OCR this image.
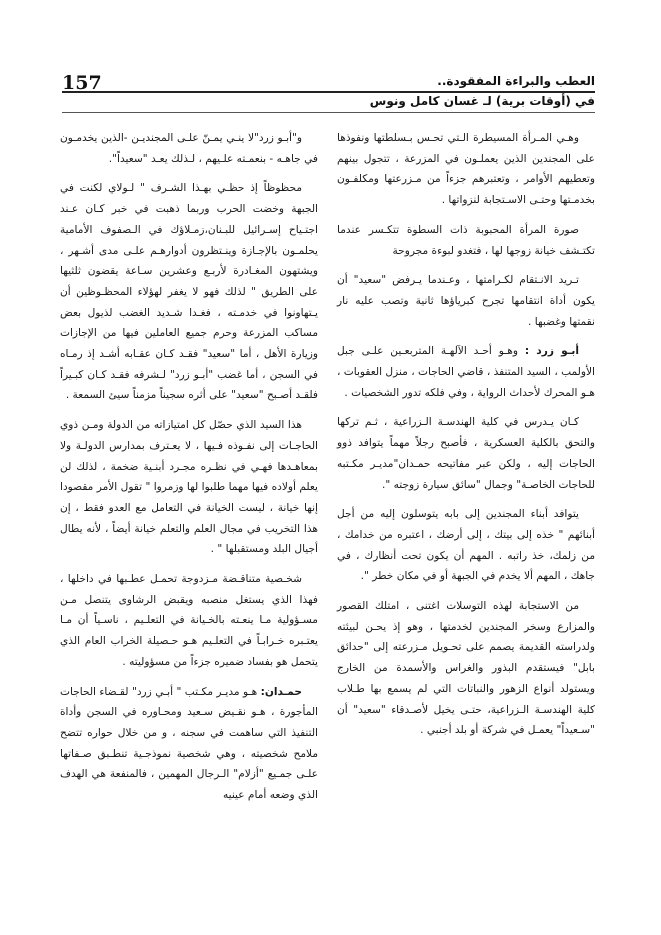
157	العطب والبراءة المفقودة..
في (أوقات برية) لـ غسان كامل ونوس

وهـي المـرأة المسيطرة الـتي تحـس بـسلطتها ونفوذها على المجندين الذين يعملـون في المزرعة ، تتجول بينهم وتعطيهم الأوامر ، وتعتبرهم جزءاً من مـزرعتها ومكلفـون بخدمـتها وحتـى الاسـتجابة لنزواتها .

صورة المرأة المحبوبة ذات السطوة تتكـسر عندما تكتـشف خيانة زوجها لها ، فتغدو لبوءة مجروحة

تـريد الانـتقام لكـرامتها ، وعـندما يـرفض "سعيد" أن يكون أداة انتقامها تجرح كبرياؤها ثانية وتصب عليه نار نقمتها وغضبها .

أبـو زرد : وهـو أحـد الآلهـة المتربعـين علـى جبل الأولمب ، السيد المتنفذ ، قاضي الحاجات ، منزل العقوبات ، هـو المحرك لأحداث الرواية ، وفي فلكه تدور الشخصيات .

كـان يـدرس في كلية الهندسـة الـزراعية ، ثـم تركها والتحق بالكلية العسكرية ، فأصبح رجلاً مهماً يتوافد ذوو الحاجات إليه ، ولكن عبر مفاتيحه حمـدان"مديـر مكـتبه للحاجات الخاصـة" وجمال "سائق سيارة زوجته ".

يتوافد أبناء المجندين إلى بابه يتوسلون إليه من أجل أبنائهم " خذه إلى بيتك ، إلى أرضك ، اعتبره من خدامك ، من زلمك، خذ راتبه . المهم أن يكون تحت أنظارك ، في جاهك ، المهم ألا يخدم في الجبهة أو في مكان خطر ".

من الاستجابة لهذه التوسلات اغتنى ، امتلك القصور والمزارع وسخر المجندين لخدمتها ، وهو إذ يحـن لبيئته ولدراسته القديمة يصمم على تحـويل مـزرعته إلى "حدائق بابل" فيستقدم البذور والغراس والأسمدة من الخارج ويستولد أنواع الزهور والنباتات التي لم يسمع بها طـلاب كلية الهندسـة الـزراعية، حتـى يخيل لأصـدقاء "سعيد" أن "سـعيداً" يعمـل في شركة أو بلد أجنبي .

و"أبـو زرد"لا ينـي يمـنّ علـى المجنديـن -الذين يخدمـون في جاهـه - بنعمـته علـيهم ، لـذلك يعـد "سعيداً".

محظوظاً إذ حظـي بهـذا الشـرف " لـولاي لكنت في الجبهة وخضت الحرب وربما ذهبت في خبر كـان عـند اجتـياح إسـرائيل للبـنان،زمـلاؤك في الـصفوف الأمامية يحلمـون بالإجـازة وينـتظرون أدوارهـم علـى مدى أشـهر ، ويشتهون المغـادرة لأربـع وعشرين سـاعة يقضون ثلثيها على الطريق " لذلك فهو لا يغفر لهؤلاء المحظـوظين أن يـتهاونوا في خدمـته ، فغـدا شـديد الغضب لذيول بعض مساكب المزرعة وحرم جميع العاملين فيها من الإجازات وزيارة الأهل ، أما "سعيد" فقـد كـان عقـابه أشـد إذ رمـاه في السجن ، أما غضب "أبـو زرد" لـشرفه فقـد كـان كبـيراً فلقـد أصـبح "سعيد" على أثره سجيناً مزمناً سيئ السمعة .

هذا السيد الذي حصّل كل امتيازاته من الدولة ومـن ذوي الحاجـات إلى نفـوذه فـيها ، لا يعـترف بمدارس الدولـة ولا بمعاهـدها فهـي في نظـره مجـرد أبنـية ضخمة ، لذلك لن يعلم أولاده فيها مهما طلبوا لها وزمروا " تقول الأمر مقصودا إنها خيانة ، ليست الخيانة في التعامل مع العدو فقط ، إن هذا التخريب في مجال العلم والتعلم خيانة أيضاً ، لأنه يطال أجيال البلد ومستقبلها " .

شخـصية متناقـضة مـزدوجة تحمـل عطـبها في داخلها ، فهذا الذي يستغل منصبه ويقبض الرشاوى يتنصل مـن مسـؤولية مـا ينعـته بالخـيانة في التعلـيم ، ناسـياً أن مـا يعتـبره خـرابـاً في التعلـيم هـو حـصيلة الخراب العام الذي يتحمل هو بفساد ضميره جزءاً من مسؤوليته .

حمـدان: هـو مديـر مكـتب " أبـي زرد" لقـضاء الحاجات المأجورة ، هـو نقـيض سـعيد ومحـاوره في السجن وأداة التنفيذ التي ساهمت في سجنه ، و من خلال حواره تتضح ملامح شخصيته ، وهي شخصية نموذجـية تنطـبق صـفاتها علـى جمـيع "أزلام" الـرجال المهمين ، فالمنفعة هي الهدف الذي وضعه أمام عينيه
